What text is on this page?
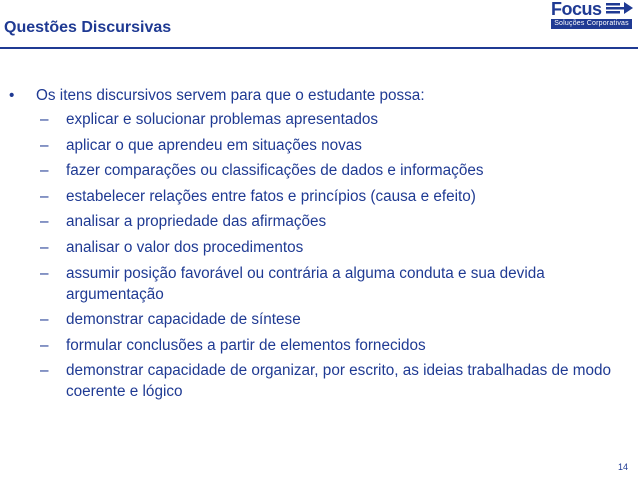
Questões Discursivas
Focus
Soluções Corporativas
• Os itens discursivos servem para que o estudante possa:
– explicar e solucionar problemas apresentados
– aplicar o que aprendeu em situações novas
– fazer comparações ou classificações de dados e informações
– estabelecer relações entre fatos e princípios (causa e efeito)
– analisar a propriedade das afirmações
– analisar o valor dos procedimentos
– assumir posição favorável ou contrária a alguma conduta e sua devida argumentação
– demonstrar capacidade de síntese
– formular conclusões a partir de elementos fornecidos
– demonstrar capacidade de organizar, por escrito, as ideias trabalhadas de modo coerente e lógico
14
